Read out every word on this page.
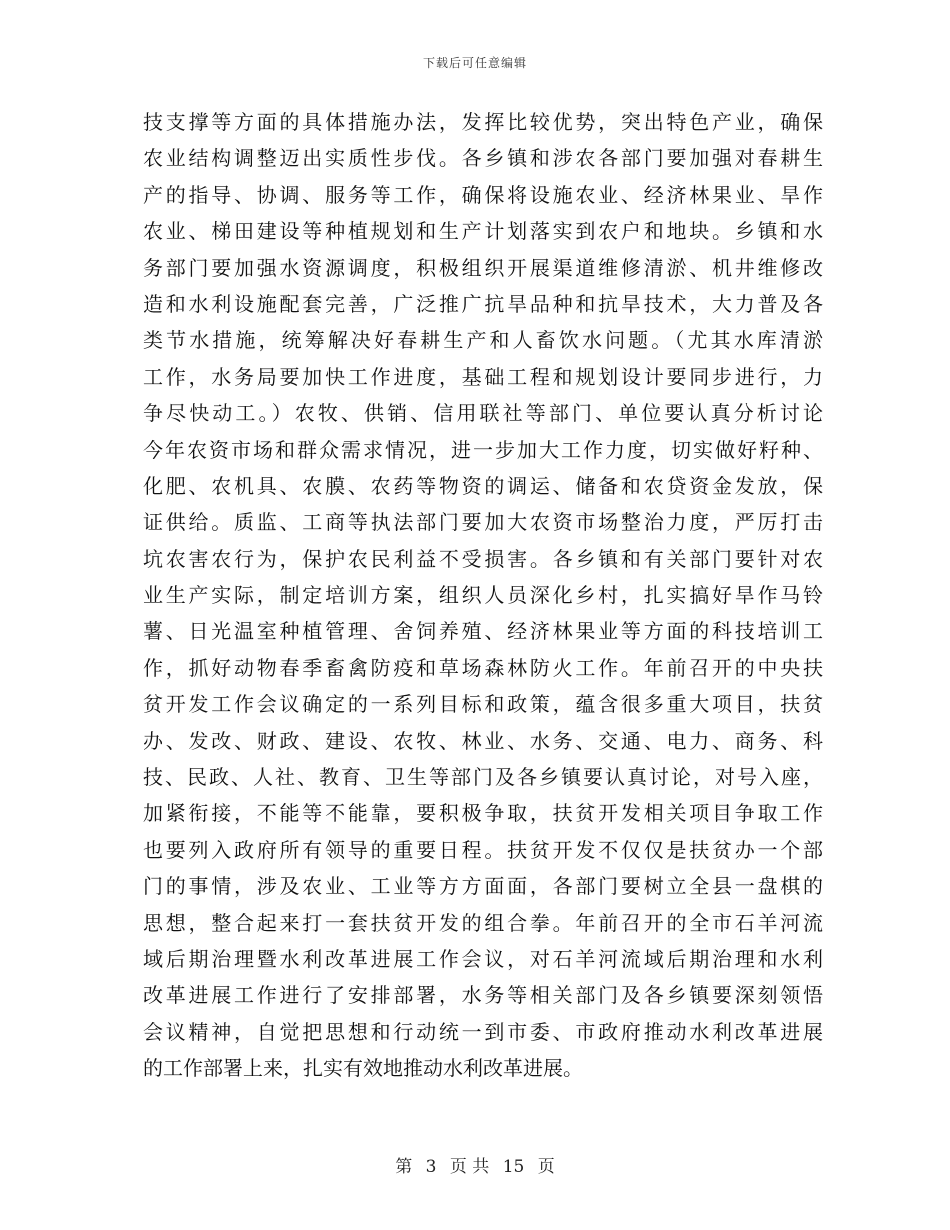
下载后可任意编辑
技支撑等方面的具体措施办法，发挥比较优势，突出特色产业，确保
农业结构调整迈出实质性步伐。各乡镇和涉农各部门要加强对春耕生
产的指导、协调、服务等工作，确保将设施农业、经济林果业、旱作
农业、梯田建设等种植规划和生产计划落实到农户和地块。乡镇和水
务部门要加强水资源调度，积极组织开展渠道维修清淤、机井维修改
造和水利设施配套完善，广泛推广抗旱品种和抗旱技术，大力普及各
类节水措施，统筹解决好春耕生产和人畜饮水问题。（尤其水库清淤
工作，水务局要加快工作进度，基础工程和规划设计要同步进行，力
争尽快动工。）农牧、供销、信用联社等部门、单位要认真分析讨论
今年农资市场和群众需求情况，进一步加大工作力度，切实做好籽种、
化肥、农机具、农膜、农药等物资的调运、储备和农贷资金发放，保
证供给。质监、工商等执法部门要加大农资市场整治力度，严厉打击
坑农害农行为，保护农民利益不受损害。各乡镇和有关部门要针对农
业生产实际，制定培训方案，组织人员深化乡村，扎实搞好旱作马铃
薯、日光温室种植管理、舍饲养殖、经济林果业等方面的科技培训工
作，抓好动物春季畜禽防疫和草场森林防火工作。年前召开的中央扶
贫开发工作会议确定的一系列目标和政策，蕴含很多重大项目，扶贫
办、发改、财政、建设、农牧、林业、水务、交通、电力、商务、科
技、民政、人社、教育、卫生等部门及各乡镇要认真讨论，对号入座，
加紧衔接，不能等不能靠，要积极争取，扶贫开发相关项目争取工作
也要列入政府所有领导的重要日程。扶贫开发不仅仅是扶贫办一个部
门的事情，涉及农业、工业等方方面面，各部门要树立全县一盘棋的
思想，整合起来打一套扶贫开发的组合拳。年前召开的全市石羊河流
域后期治理暨水利改革进展工作会议，对石羊河流域后期治理和水利
改革进展工作进行了安排部署，水务等相关部门及各乡镇要深刻领悟
会议精神，自觉把思想和行动统一到市委、市政府推动水利改革进展
的工作部署上来，扎实有效地推动水利改革进展。
第 3 页 共 15 页
